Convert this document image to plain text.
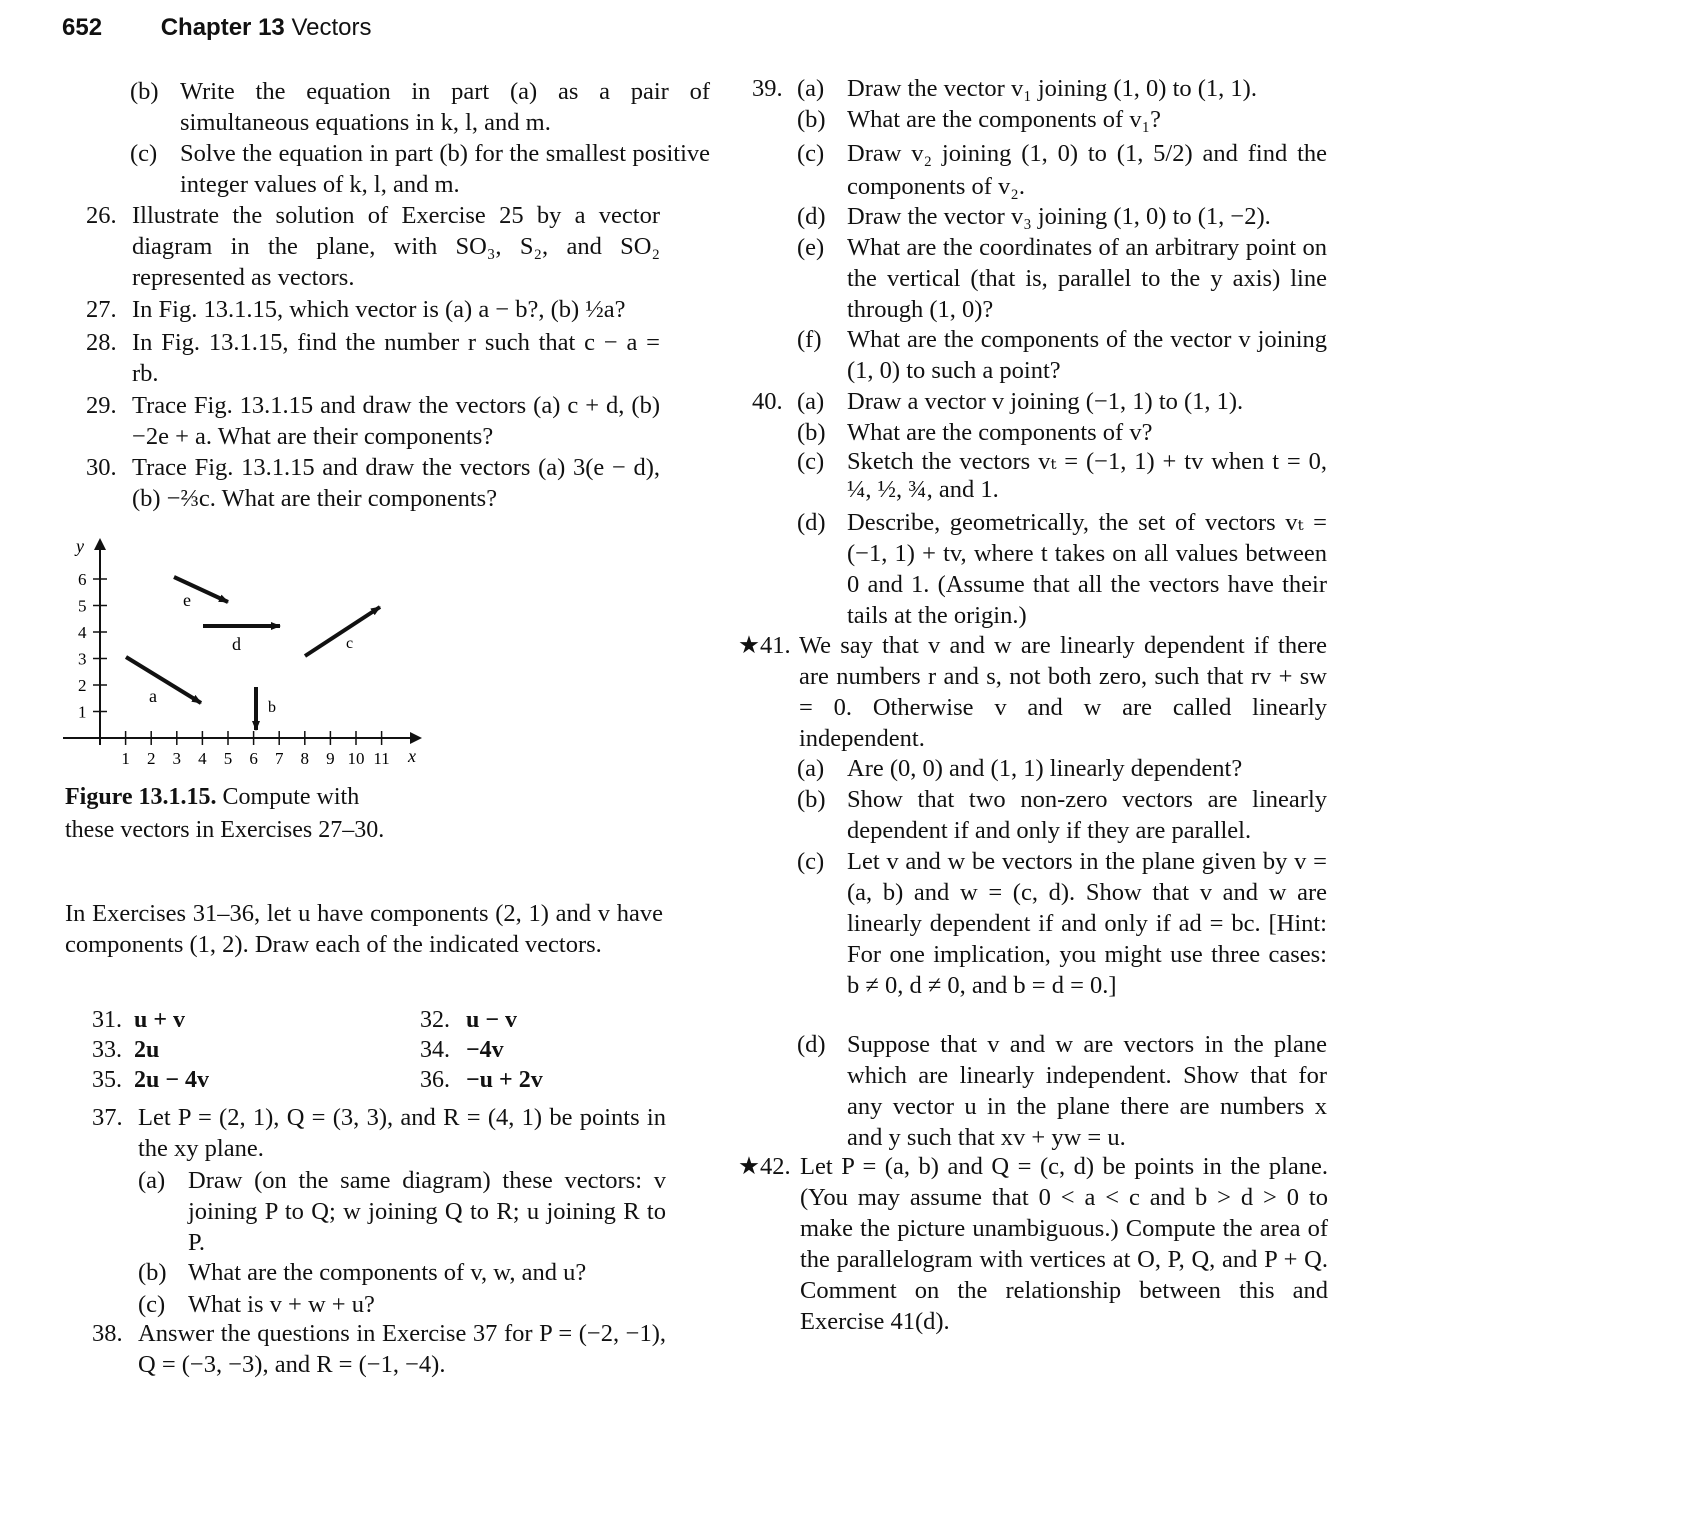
652 Chapter 13 Vectors
(b) Write the equation in part (a) as a pair of simultaneous equations in k, l, and m.
(c) Solve the equation in part (b) for the smallest positive integer values of k, l, and m.
26. Illustrate the solution of Exercise 25 by a vector diagram in the plane, with SO₃, S₂, and SO₂ represented as vectors.
27. In Fig. 13.1.15, which vector is (a) a − b?, (b) ½a?
28. In Fig. 13.1.15, find the number r such that c − a = rb.
29. Trace Fig. 13.1.15 and draw the vectors (a) c + d, (b) −2e + a. What are their components?
30. Trace Fig. 13.1.15 and draw the vectors (a) 3(e − d), (b) −⅔c. What are their components?
y
x
1
2
3
4
5
6
1 2 3 4 5 6 7 8 9 10 11
e
d	c
a
b
Figure 13.1.15. Compute with these vectors in Exercises 27–30.
In Exercises 31–36, let u have components (2, 1) and v have components (1, 2). Draw each of the indicated vectors.
31. u + v	32. u − v
33. 2u	34. −4v
35. 2u − 4v	36. −u + 2v
37. Let P = (2, 1), Q = (3, 3), and R = (4, 1) be points in the xy plane.
(a) Draw (on the same diagram) these vectors: v joining P to Q; w joining Q to R; u joining R to P.
(b) What are the components of v, w, and u?
(c) What is v + w + u?
38. Answer the questions in Exercise 37 for P = (−2, −1), Q = (−3, −3), and R = (−1, −4).
39. (a) Draw the vector v₁ joining (1, 0) to (1, 1).
(b) What are the components of v₁?
(c) Draw v₂ joining (1, 0) to (1, 5/2) and find the components of v₂.
(d) Draw the vector v₃ joining (1, 0) to (1, −2).
(e) What are the coordinates of an arbitrary point on the vertical (that is, parallel to the y axis) line through (1, 0)?
(f) What are the components of the vector v joining (1, 0) to such a point?
40. (a) Draw a vector v joining (−1, 1) to (1, 1).
(b) What are the components of v?
(c) Sketch the vectors vₜ = (−1, 1) + tv when t = 0, ¼, ½, ¾, and 1.
(d) Describe, geometrically, the set of vectors vₜ = (−1, 1) + tv, where t takes on all values between 0 and 1. (Assume that all the vectors have their tails at the origin.)
★41. We say that v and w are linearly dependent if there are numbers r and s, not both zero, such that rv + sw = 0. Otherwise v and w are called linearly independent.
(a) Are (0, 0) and (1, 1) linearly dependent?
(b) Show that two non-zero vectors are linearly dependent if and only if they are parallel.
(c) Let v and w be vectors in the plane given by v = (a, b) and w = (c, d). Show that v and w are linearly dependent if and only if ad = bc. [Hint: For one implication, you might use three cases: b ≠ 0, d ≠ 0, and b = d = 0.]
(d) Suppose that v and w are vectors in the plane which are linearly independent. Show that for any vector u in the plane there are numbers x and y such that xv + yw = u.
★42. Let P = (a, b) and Q = (c, d) be points in the plane. (You may assume that 0 < a < c and b > d > 0 to make the picture unambiguous.) Compute the area of the parallelogram with vertices at O, P, Q, and P + Q. Comment on the relationship between this and Exercise 41(d).
